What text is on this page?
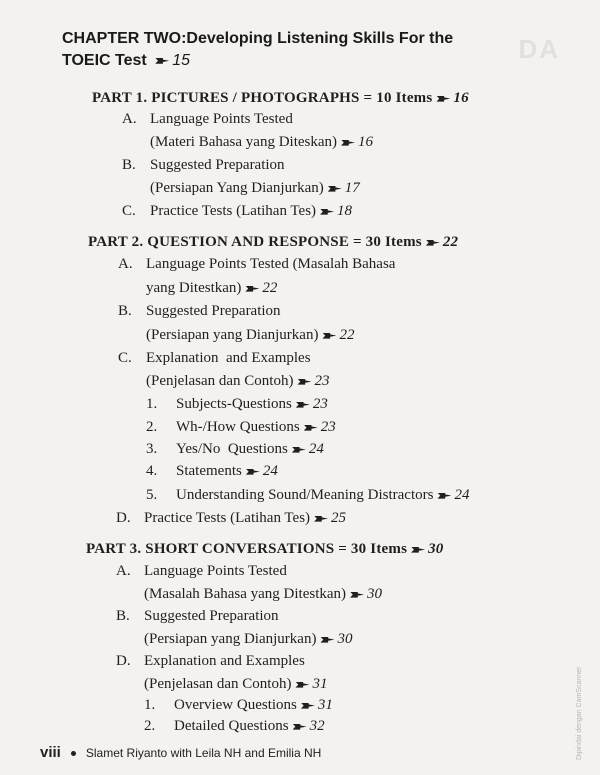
DA
CHAPTER TWO:Developing Listening Skills For the TOEIC Test 15
PART 1. PICTURES / PHOTOGRAPHS = 10 Items 16
A. Language Points Tested
(Materi Bahasa yang Diteskan) 16
B. Suggested Preparation
(Persiapan Yang Dianjurkan) 17
C. Practice Tests (Latihan Tes) 18
PART 2. QUESTION AND RESPONSE = 30 Items 22
A. Language Points Tested (Masalah Bahasa
yang Ditestkan) 22
B. Suggested Preparation
(Persiapan yang Dianjurkan) 22
C. Explanation  and Examples
(Penjelasan dan Contoh) 23
1. Subjects-Questions 23
2. Wh-/How Questions 23
3. Yes/No  Questions 24
4. Statements 24
5. Understanding Sound/Meaning Distractors 24
D. Practice Tests (Latihan Tes) 25
PART 3. SHORT CONVERSATIONS = 30 Items 30
A. Language Points Tested
(Masalah Bahasa yang Ditestkan) 30
B. Suggested Preparation
(Persiapan yang Dianjurkan) 30
D. Explanation and Examples
(Penjelasan dan Contoh) 31
1. Overview Questions 31
2. Detailed Questions 32
viii Slamet Riyanto with Leila NH and Emilia NH	Dipindai dengan CamScanner
